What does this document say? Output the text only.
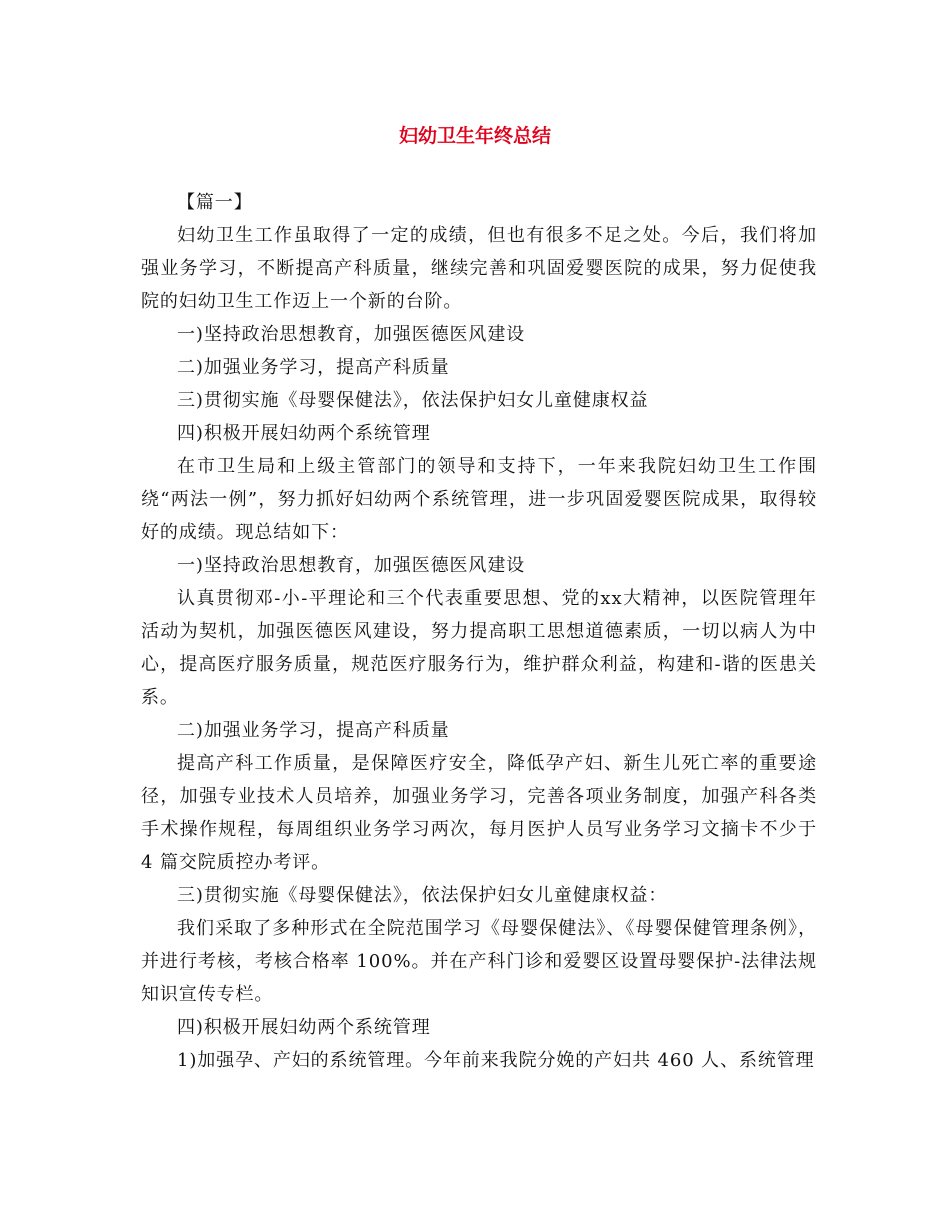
妇幼卫生年终总结

【篇一】

妇幼卫生工作虽取得了一定的成绩，但也有很多不足之处。今后，我们将加强业务学习，不断提高产科质量，继续完善和巩固爱婴医院的成果，努力促使我院的妇幼卫生工作迈上一个新的台阶。

一)坚持政治思想教育，加强医德医风建设

二)加强业务学习，提高产科质量

三)贯彻实施《母婴保健法》，依法保护妇女儿童健康权益

四)积极开展妇幼两个系统管理

在市卫生局和上级主管部门的领导和支持下，一年来我院妇幼卫生工作围绕“两法一例”，努力抓好妇幼两个系统管理，进一步巩固爱婴医院成果，取得较好的成绩。现总结如下：

一)坚持政治思想教育，加强医德医风建设

认真贯彻邓-小-平理论和三个代表重要思想、党的xx大精神，以医院管理年活动为契机，加强医德医风建设，努力提高职工思想道德素质，一切以病人为中心，提高医疗服务质量，规范医疗服务行为，维护群众利益，构建和-谐的医患关系。

二)加强业务学习，提高产科质量

提高产科工作质量，是保障医疗安全，降低孕产妇、新生儿死亡率的重要途径，加强专业技术人员培养，加强业务学习，完善各项业务制度，加强产科各类手术操作规程，每周组织业务学习两次，每月医护人员写业务学习文摘卡不少于 4 篇交院质控办考评。

三)贯彻实施《母婴保健法》，依法保护妇女儿童健康权益：

我们采取了多种形式在全院范围学习《母婴保健法》、《母婴保健管理条例》，并进行考核，考核合格率 100%。并在产科门诊和爱婴区设置母婴保护-法律法规知识宣传专栏。

四)积极开展妇幼两个系统管理

1)加强孕、产妇的系统管理。今年前来我院分娩的产妇共 460 人、系统管理
